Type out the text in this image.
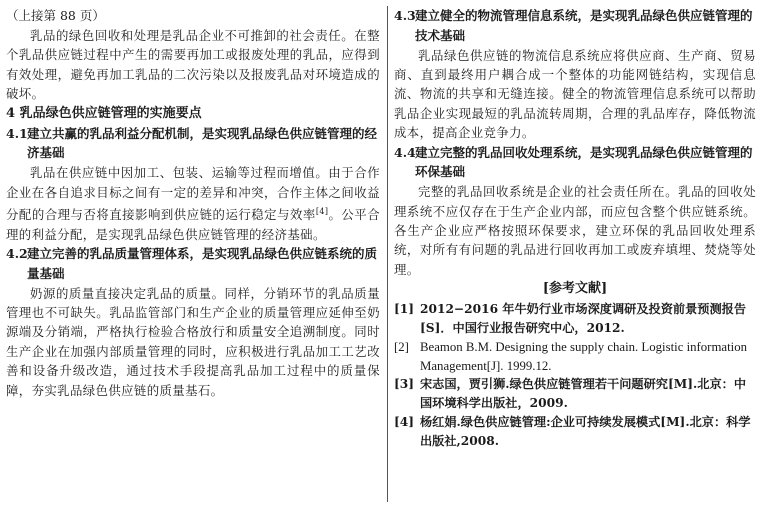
（上接第 88 页）

乳品的绿色回收和处理是乳品企业不可推卸的社会责任。在整个乳品供应链过程中产生的需要再加工或报废处理的乳品，应得到有效处理，避免再加工乳品的二次污染以及报废乳品对环境造成的破坏。

4 乳品绿色供应链管理的实施要点
4.1建立共赢的乳品利益分配机制，是实现乳品绿色供应链管理的经济基础

乳品在供应链中因加工、包装、运输等过程而增值。由于合作企业在各自追求目标之间有一定的差异和冲突，合作主体之间收益分配的合理与否将直接影响到供应链的运行稳定与效率[4]。公平合理的利益分配，是实现乳品绿色供应链管理的经济基础。

4.2建立完善的乳品质量管理体系，是实现乳品绿色供应链系统的质量基础

奶源的质量直接决定乳品的质量。同样，分销环节的乳品质量管理也不可缺失。乳品监管部门和生产企业的质量管理应延伸至奶源端及分销端，严格执行检验合格放行和质量安全追溯制度。同时生产企业在加强内部质量管理的同时，应积极进行乳品加工工艺改善和设备升级改造，通过技术手段提高乳品加工过程中的质量保障，夯实乳品绿色供应链的质量基石。

4.3建立健全的物流管理信息系统，是实现乳品绿色供应链管理的技术基础

乳品绿色供应链的物流信息系统应将供应商、生产商、贸易商、直到最终用户耦合成一个整体的功能网链结构，实现信息流、物流的共享和无缝连接。健全的物流管理信息系统可以帮助乳品企业实现最短的乳品流转周期，合理的乳品库存，降低物流成本，提高企业竞争力。

4.4建立完整的乳品回收处理系统，是实现乳品绿色供应链管理的环保基础

完整的乳品回收系统是企业的社会责任所在。乳品的回收处理系统不应仅存在于生产企业内部，而应包含整个供应链系统。各生产企业应严格按照环保要求，建立环保的乳品回收处理系统，对所有有问题的乳品进行回收再加工或废弃填埋、焚烧等处理。

[参考文献]
[1] 2012−2016 年牛奶行业市场深度调研及投资前景预测报告[S]．中国行业报告研究中心，2012.
[2] Beamon B.M. Designing the supply chain. Logistic information Management[J]. 1999.12.
[3] 宋志国，贾引狮.绿色供应链管理若干问题研究[M].北京：中国环境科学出版社，2009.
[4] 杨红娟.绿色供应链管理:企业可持续发展模式[M].北京：科学出版社,2008.
